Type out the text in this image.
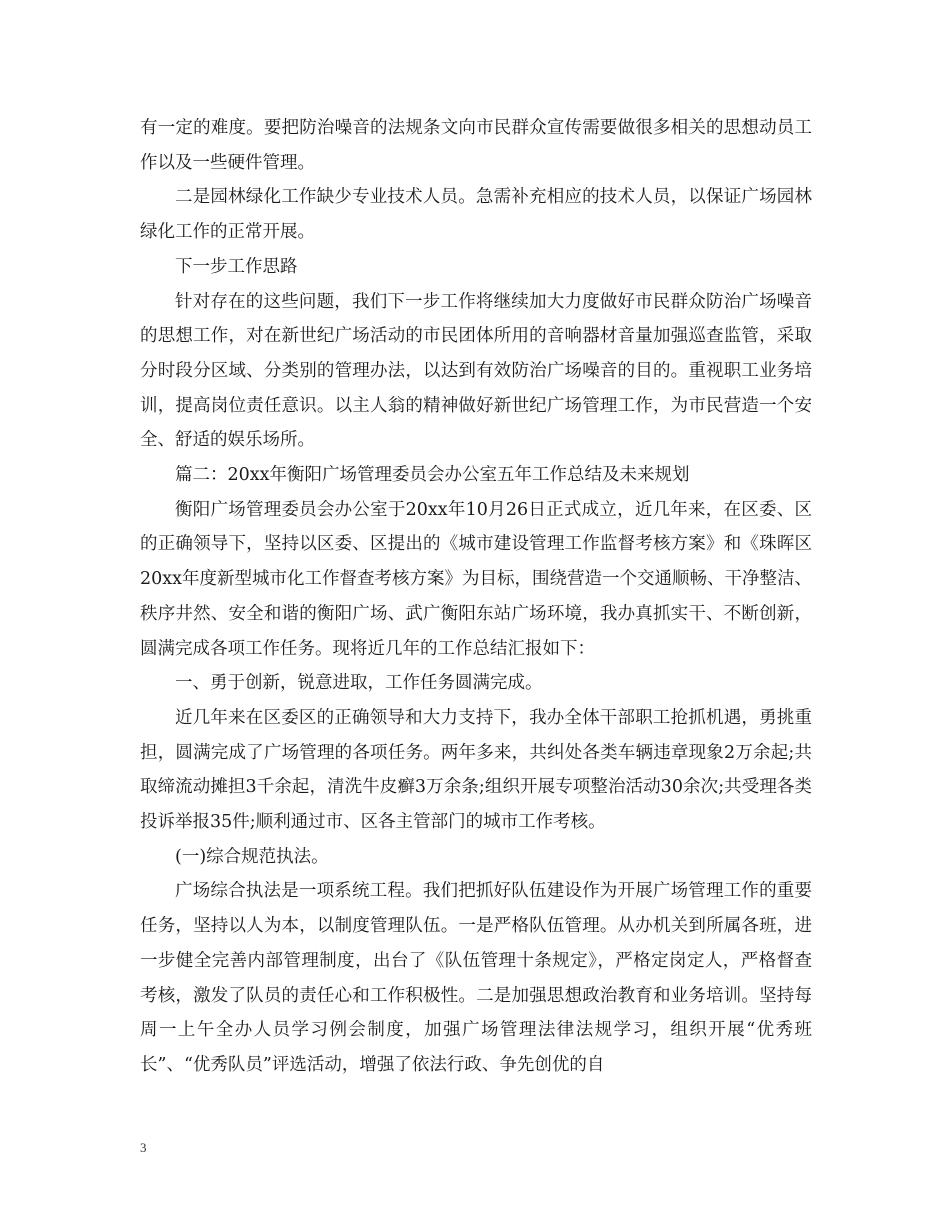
有一定的难度。要把防治噪音的法规条文向市民群众宣传需要做很多相关的思想动员工作以及一些硬件管理。

二是园林绿化工作缺少专业技术人员。急需补充相应的技术人员，以保证广场园林绿化工作的正常开展。

下一步工作思路

针对存在的这些问题，我们下一步工作将继续加大力度做好市民群众防治广场噪音的思想工作，对在新世纪广场活动的市民团体所用的音响器材音量加强巡查监管，采取分时段分区域、分类别的管理办法，以达到有效防治广场噪音的目的。重视职工业务培训，提高岗位责任意识。以主人翁的精神做好新世纪广场管理工作，为市民营造一个安全、舒适的娱乐场所。

篇二：20xx年衡阳广场管理委员会办公室五年工作总结及未来规划

衡阳广场管理委员会办公室于20xx年10月26日正式成立，近几年来，在区委、区的正确领导下，坚持以区委、区提出的《城市建设管理工作监督考核方案》和《珠晖区20xx年度新型城市化工作督查考核方案》为目标，围绕营造一个交通顺畅、干净整洁、秩序井然、安全和谐的衡阳广场、武广衡阳东站广场环境，我办真抓实干、不断创新，圆满完成各项工作任务。现将近几年的工作总结汇报如下：

一、勇于创新，锐意进取，工作任务圆满完成。

近几年来在区委区的正确领导和大力支持下，我办全体干部职工抢抓机遇，勇挑重担，圆满完成了广场管理的各项任务。两年多来，共纠处各类车辆违章现象2万余起;共取缔流动摊担3千余起，清洗牛皮癣3万余条;组织开展专项整治活动30余次;共受理各类投诉举报35件;顺利通过市、区各主管部门的城市工作考核。

(一)综合规范执法。

广场综合执法是一项系统工程。我们把抓好队伍建设作为开展广场管理工作的重要任务，坚持以人为本，以制度管理队伍。一是严格队伍管理。从办机关到所属各班，进一步健全完善内部管理制度，出台了《队伍管理十条规定》，严格定岗定人，严格督查考核，激发了队员的责任心和工作积极性。二是加强思想政治教育和业务培训。坚持每周一上午全办人员学习例会制度，加强广场管理法律法规学习，组织开展“优秀班长”、“优秀队员”评选活动，增强了依法行政、争先创优的自

3
